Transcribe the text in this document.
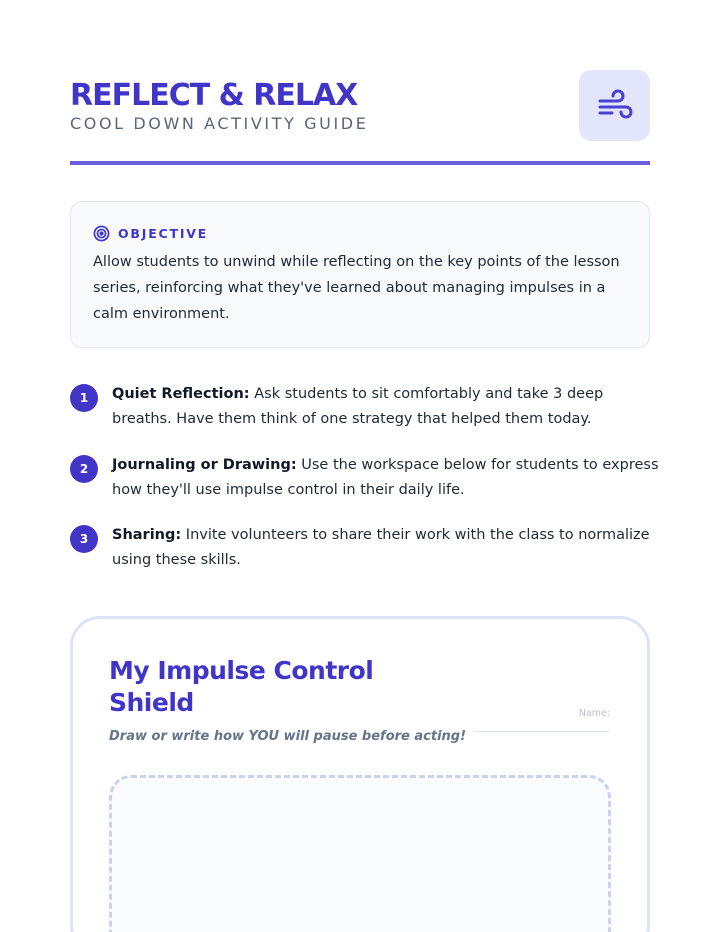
REFLECT & RELAX
COOL DOWN ACTIVITY GUIDE
OBJECTIVE
Allow students to unwind while reflecting on the key points of the lesson series, reinforcing what they've learned about managing impulses in a calm environment.
1	Quiet Reflection: Ask students to sit comfortably and take 3 deep breaths. Have them think of one strategy that helped them today.
2	Journaling or Drawing: Use the workspace below for students to express how they'll use impulse control in their daily life.
3	Sharing: Invite volunteers to share their work with the class to normalize using these skills.
My Impulse Control Shield	Name:
Draw or write how YOU will pause before acting!
